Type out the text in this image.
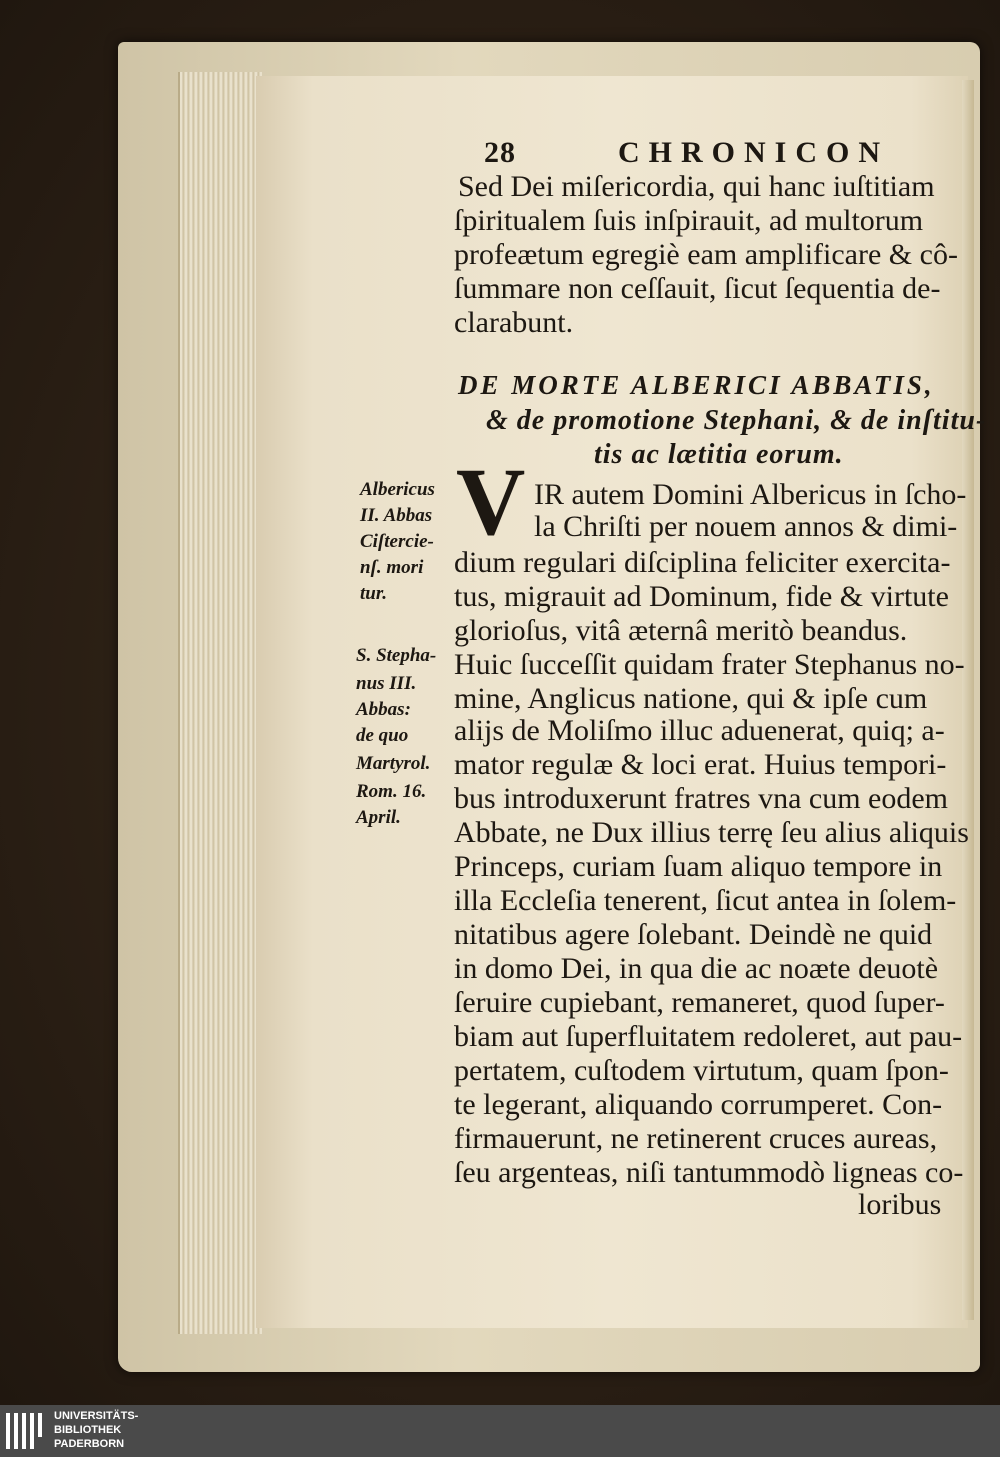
28	CHRONICON
Sed Dei miſericordia, qui hanc iuſtitiam
ſpiritualem ſuis inſpirauit, ad multorum
profeætum egregiè eam amplificare & cô-
ſummare non ceſſauit, ſicut ſequentia de-
clarabunt.
DE MORTE ALBERICI ABBATIS,
& de promotione Stephani, & de inſtitu-
tis ac lætitia eorum.
V IR autem Domini Albericus in ſcho-
la Chriſti per nouem annos & dimi-
dium regulari diſciplina feliciter exercita-
tus, migrauit ad Dominum, fide & virtute
glorioſus, vitâ æternâ meritò beandus.
Huic ſucceſſit quidam frater Stephanus no-
mine, Anglicus natione, qui & ipſe cum
alijs de Moliſmo illuc aduenerat, quiq; a-
mator regulæ & loci erat. Huius tempori-
bus introduxerunt fratres vna cum eodem
Abbate, ne Dux illius terrę ſeu alius aliquis
Princeps, curiam ſuam aliquo tempore in
illa Eccleſia tenerent, ſicut antea in ſolem-
nitatibus agere ſolebant. Deindè ne quid
in domo Dei, in qua die ac noæte deuotè
ſeruire cupiebant, remaneret, quod ſuper-
biam aut ſuperfluitatem redoleret, aut pau-
pertatem, cuſtodem virtutum, quam ſpon-
te legerant, aliquando corrumperet. Con-
firmauerunt, ne retinerent cruces aureas,
ſeu argenteas, niſi tantummodò ligneas co-
loribus
Albericus
II. Abbas
Ciſtercie-
nſ. mori
tur.
S. Stepha-
nus III.
Abbas:
de quo
Martyrol.
Rom. 16.
April.
UNIVERSITÄTS-
BIBLIOTHEK
PADERBORN
